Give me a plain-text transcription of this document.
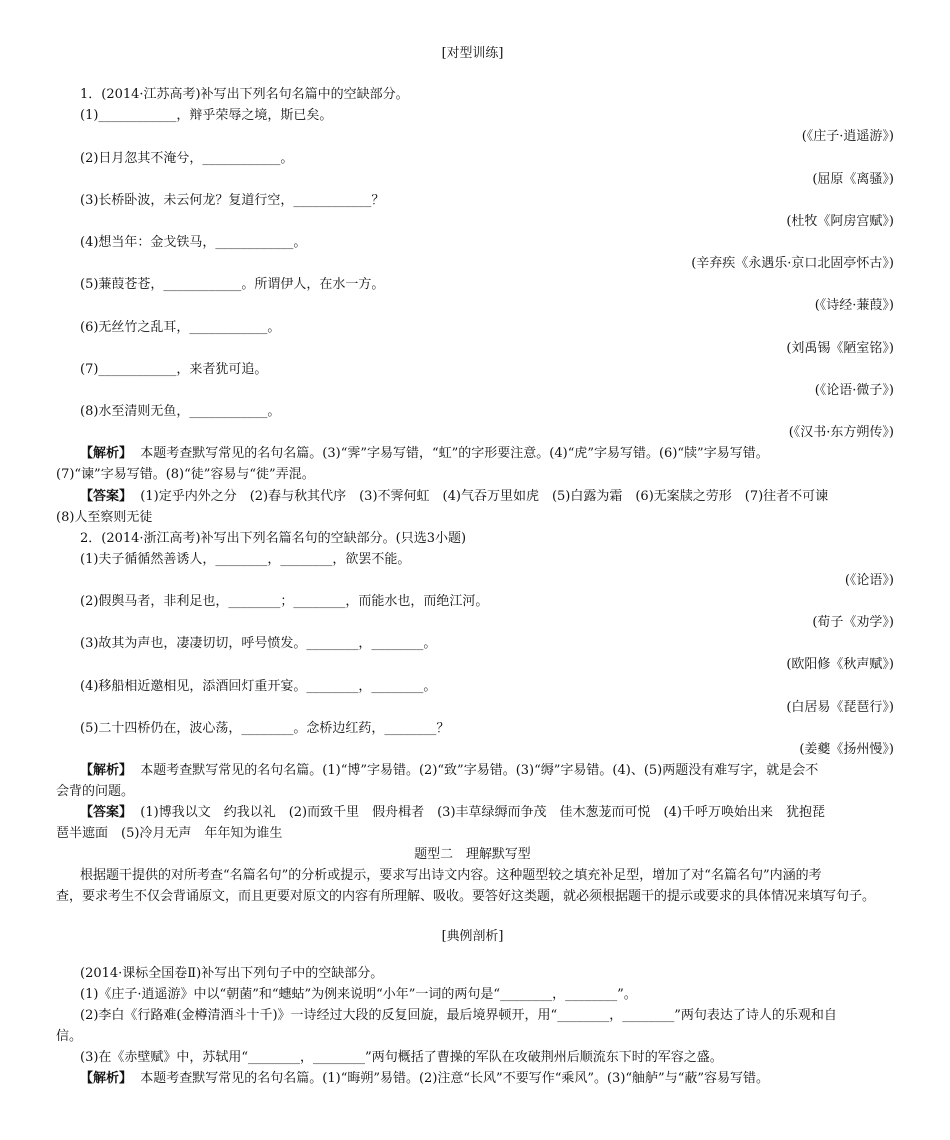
[对型训练]
1．(2014·江苏高考)补写出下列名句名篇中的空缺部分。
(1)____________，辩乎荣辱之境，斯已矣。
(《庄子·逍遥游》)
(2)日月忽其不淹兮，____________。
(屈原《离骚》)
(3)长桥卧波，未云何龙？复道行空，____________？
(杜牧《阿房宫赋》)
(4)想当年：金戈铁马，____________。
(辛弃疾《永遇乐·京口北固亭怀古》)
(5)蒹葭苍苍，____________。所谓伊人，在水一方。
(《诗经·蒹葭》)
(6)无丝竹之乱耳，____________。
(刘禹锡《陋室铭》)
(7)____________，来者犹可追。
(《论语·微子》)
(8)水至清则无鱼，____________。
(《汉书·东方朔传》)
【解析】 本题考查默写常见的名句名篇。(3)“霁”字易写错，“虹”的字形要注意。(4)“虎”字易写错。(6)“牍”字易写错。
(7)“谏”字易写错。(8)“徒”容易与“徙”弄混。
【答案】 (1)定乎内外之分　(2)春与秋其代序　(3)不霁何虹　(4)气吞万里如虎　(5)白露为霜　(6)无案牍之劳形　(7)往者不可谏
(8)人至察则无徒
2．(2014·浙江高考)补写出下列名篇名句的空缺部分。(只选3小题)
(1)夫子循循然善诱人，________，________，欲罢不能。
(《论语》)
(2)假舆马者，非利足也，________；________，而能水也，而绝江河。
(荀子《劝学》)
(3)故其为声也，凄凄切切，呼号愤发。________，________。
(欧阳修《秋声赋》)
(4)移船相近邀相见，添酒回灯重开宴。________，________。
(白居易《琵琶行》)
(5)二十四桥仍在，波心荡，________。念桥边红药，________？
(姜夔《扬州慢》)
【解析】 本题考查默写常见的名句名篇。(1)“博”字易错。(2)“致”字易错。(3)“缛”字易错。(4)、(5)两题没有难写字，就是会不
会背的问题。
【答案】 (1)博我以文　约我以礼　(2)而致千里　假舟楫者　(3)丰草绿缛而争茂　佳木葱茏而可悦　(4)千呼万唤始出来　犹抱琵
琶半遮面　(5)冷月无声　年年知为谁生
题型二　理解默写型
根据题干提供的对所考查“名篇名句”的分析或提示，要求写出诗文内容。这种题型较之填充补足型，增加了对“名篇名句”内涵的考
查，要求考生不仅会背诵原文，而且更要对原文的内容有所理解、吸收。要答好这类题，就必须根据题干的提示或要求的具体情况来填写句子。
[典例剖析]
(2014·课标全国卷Ⅱ)补写出下列句子中的空缺部分。
(1)《庄子·逍遥游》中以“朝菌”和“蟪蛄”为例来说明“小年”一词的两句是“________，________”。
(2)李白《行路难(金樽清酒斗十千)》一诗经过大段的反复回旋，最后境界顿开，用“________，________”两句表达了诗人的乐观和自
信。
(3)在《赤壁赋》中，苏轼用“________，________”两句概括了曹操的军队在攻破荆州后顺流东下时的军容之盛。
【解析】 本题考查默写常见的名句名篇。(1)“晦朔”易错。(2)注意“长风”不要写作“乘风”。(3)“舳舻”与“蔽”容易写错。
